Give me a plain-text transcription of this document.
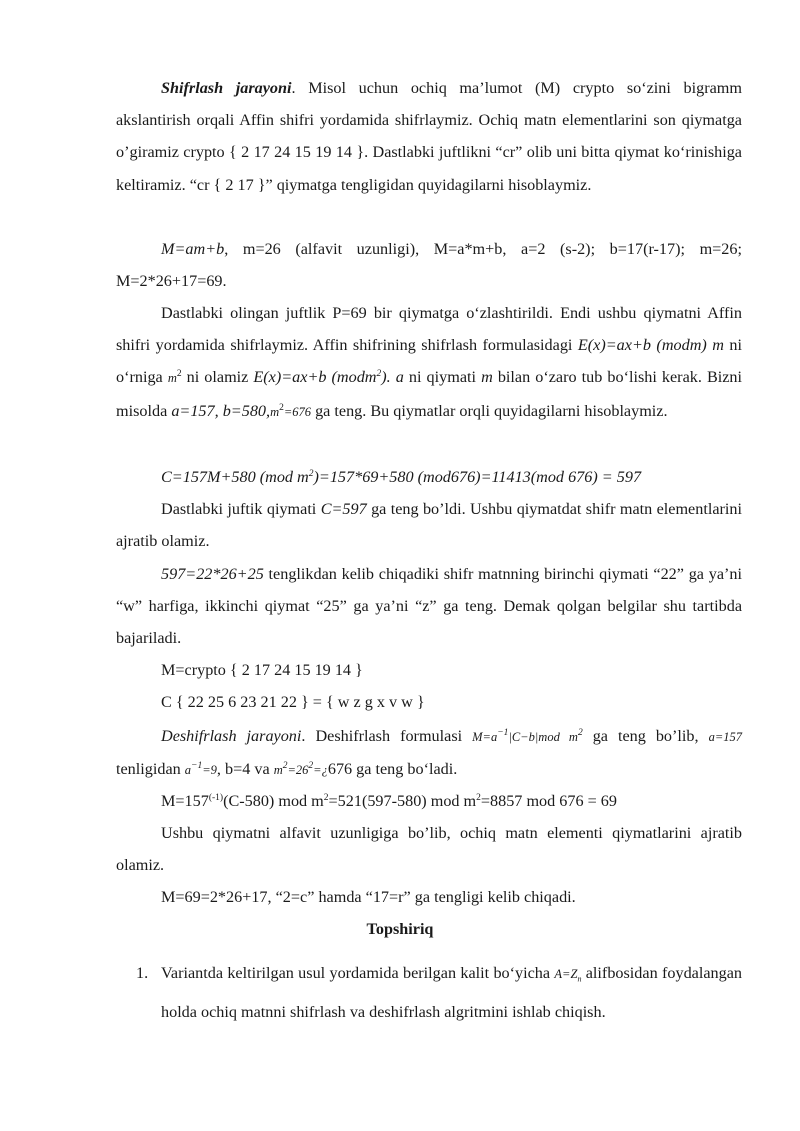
Shifrlash jarayoni. Misol uchun ochiq ma’lumot (M) crypto so‘zini bigramm akslantirish orqali Affin shifri yordamida shifrlaymiz. Ochiq matn elementlarini son qiymatga o’giramiz crypto { 2 17 24 15 19 14 }. Dastlabki juftlikni “cr” olib uni bitta qiymat ko‘rinishiga keltiramiz. “cr { 2 17 }” qiymatga tengligidan quyidagilarni hisoblaymiz.

M=am+b, m=26 (alfavit uzunligi), M=a*m+b, a=2 (s-2); b=17(r-17); m=26; M=2*26+17=69.

Dastlabki olingan juftlik P=69 bir qiymatga o‘zlashtirildi. Endi ushbu qiymatni Affin shifri yordamida shifrlaymiz. Affin shifrining shifrlash formulasidagi E(x)=ax+b (modm) m ni o‘rniga $m^2$ ni olamiz E(x)=ax+b (modm$^2$). a ni qiymati m bilan o‘zaro tub bo‘lishi kerak. Bizni misolda a=157, $b=580,m^2=676$ ga teng. Bu qiymatlar orqli quyidagilarni hisoblaymiz.

C=157M+580 (mod $m^2)=157*69+580$ (mod676)=11413(mod 676) = 597

Dastlabki juftik qiymati C=597 ga teng bo’ldi. Ushbu qiymatdat shifr matn elementlarini ajratib olamiz.

597=22*26+25 tenglikdan kelib chiqadiki shifr matnning birinchi qiymati “22” ga ya’ni “w” harfiga, ikkinchi qiymat “25” ga ya’ni “z” ga teng. Demak qolgan belgilar shu tartibda bajariladi.

M=crypto { 2 17 24 15 19 14 }
C { 22 25 6 23 21 22 } = { w z g x v w }

Deshifrlash jarayoni. Deshifrlash formulasi $M=a^{-1}|C-b|mod$ $m^2$ ga teng bo’lib, a=157 tenligidan $a^{-1}=9$, b=4 va $m^2=26^2=¿676$ ga teng bo‘ladi.

$M=157^{(-1)}(C-580)$ mod $m^2=521(597-580)$ mod $m^2=8857$ mod 676 = 69

Ushbu qiymatni alfavit uzunligiga bo’lib, ochiq matn elementi qiymatlarini ajratib olamiz.

M=69=2*26+17, “2=c” hamda “17=r” ga tengligi kelib chiqadi.
Topshiriq
1. Variantda keltirilgan usul yordamida berilgan kalit bo‘yicha $A=Z_n$ alifbosidan foydalangan holda ochiq matnni shifrlash va deshifrlash algritmini ishlab chiqish.
